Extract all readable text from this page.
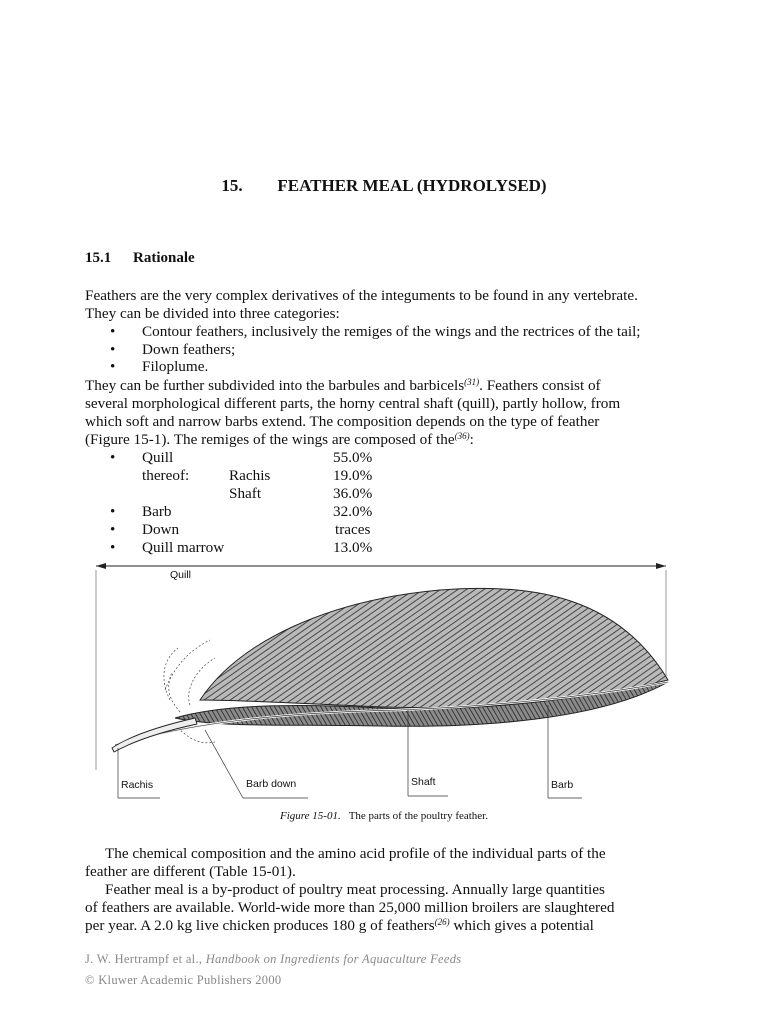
15. FEATHER MEAL (HYDROLYSED)
15.1 Rationale
Feathers are the very complex derivatives of the integuments to be found in any vertebrate.
They can be divided into three categories:
• Contour feathers, inclusively the remiges of the wings and the rectrices of the tail;
• Down feathers;
• Filoplume.
They can be further subdivided into the barbules and barbicels$^{(31)}$. Feathers consist of
several morphological different parts, the horny central shaft (quill), partly hollow, from
which soft and narrow barbs extend. The composition depends on the type of feather
(Figure 15-1). The remiges of the wings are composed of the$^{(36)}$:
• Quill	55.0%
thereof:	Rachis	19.0%
Shaft	36.0%
• Barb	32.0%
• Down	traces
• Quill marrow	13.0%
Quill
Rachis	Barb down	Shaft	Barb
Figure 15-01. The parts of the poultry feather.
The chemical composition and the amino acid profile of the individual parts of the
feather are different (Table 15-01).
Feather meal is a by-product of poultry meat processing. Annually large quantities
of feathers are available. World-wide more than 25,000 million broilers are slaughtered
per year. A 2.0 kg live chicken produces 180 g of feathers$^{(26)}$ which gives a potential
J. W. Hertrampf et al., Handbook on Ingredients for Aquaculture Feeds
© Kluwer Academic Publishers 2000
